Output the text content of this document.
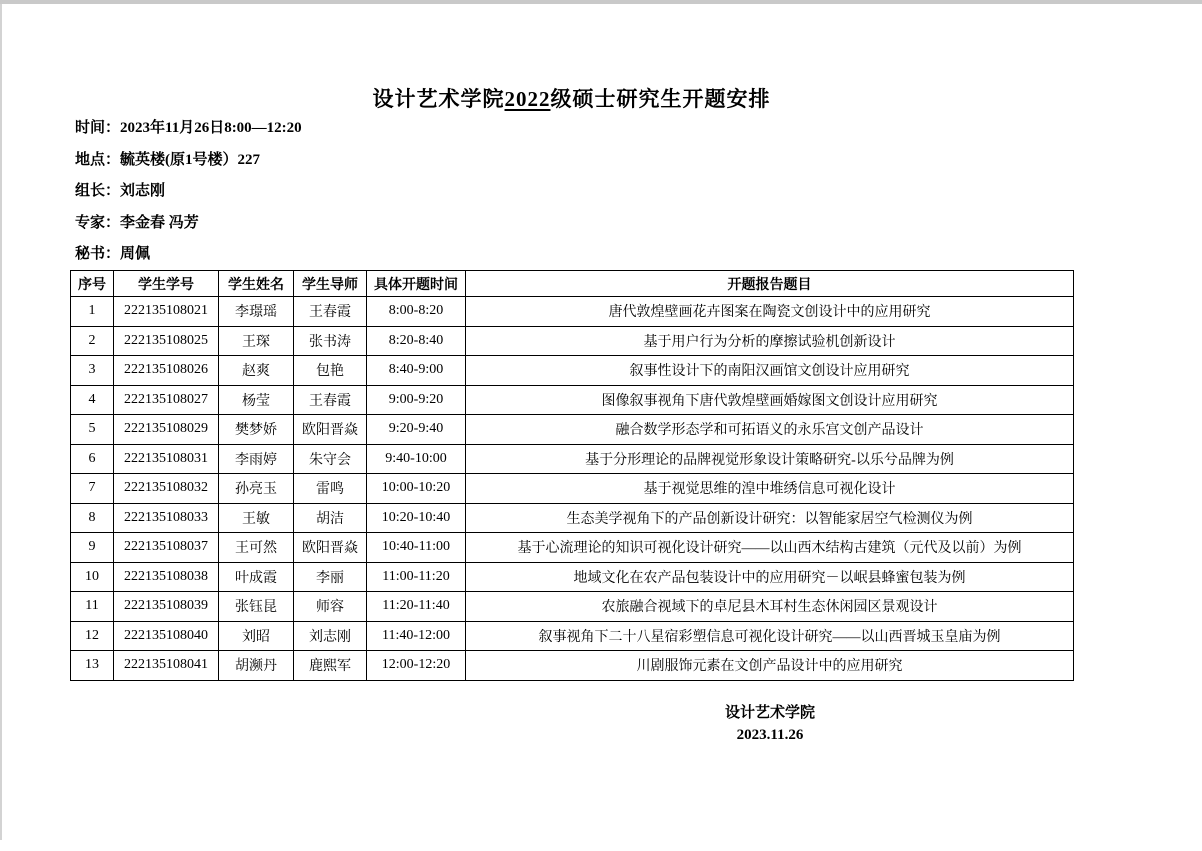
设计艺术学院2022级硕士研究生开题安排
时间：2023年11月26日8:00—12:20
地点：毓英楼(原1号楼）227
组长：刘志刚
专家：李金春 冯芳
秘书：周佩
序号	学生学号	学生姓名	学生导师	具体开题时间	开题报告题目
1	222135108021	李璟瑶	王春霞	8:00-8:20	唐代敦煌壁画花卉图案在陶瓷文创设计中的应用研究
2	222135108025	王琛	张书涛	8:20-8:40	基于用户行为分析的摩擦试验机创新设计
3	222135108026	赵爽	包艳	8:40-9:00	叙事性设计下的南阳汉画馆文创设计应用研究
4	222135108027	杨莹	王春霞	9:00-9:20	图像叙事视角下唐代敦煌壁画婚嫁图文创设计应用研究
5	222135108029	樊梦娇	欧阳晋焱	9:20-9:40	融合数学形态学和可拓语义的永乐宫文创产品设计
6	222135108031	李雨婷	朱守会	9:40-10:00	基于分形理论的品牌视觉形象设计策略研究-以乐兮品牌为例
7	222135108032	孙亮玉	雷鸣	10:00-10:20	基于视觉思维的湟中堆绣信息可视化设计
8	222135108033	王敏	胡洁	10:20-10:40	生态美学视角下的产品创新设计研究：以智能家居空气检测仪为例
9	222135108037	王可然	欧阳晋焱	10:40-11:00	基于心流理论的知识可视化设计研究——以山西木结构古建筑（元代及以前）为例
10	222135108038	叶成霞	李丽	11:00-11:20	地域文化在农产品包装设计中的应用研究－以岷县蜂蜜包装为例
11	222135108039	张钰昆	师容	11:20-11:40	农旅融合视域下的卓尼县木耳村生态休闲园区景观设计
12	222135108040	刘昭	刘志刚	11:40-12:00	叙事视角下二十八星宿彩塑信息可视化设计研究——以山西晋城玉皇庙为例
13	222135108041	胡濒丹	鹿熙军	12:00-12:20	川剧服饰元素在文创产品设计中的应用研究
设计艺术学院
2023.11.26
